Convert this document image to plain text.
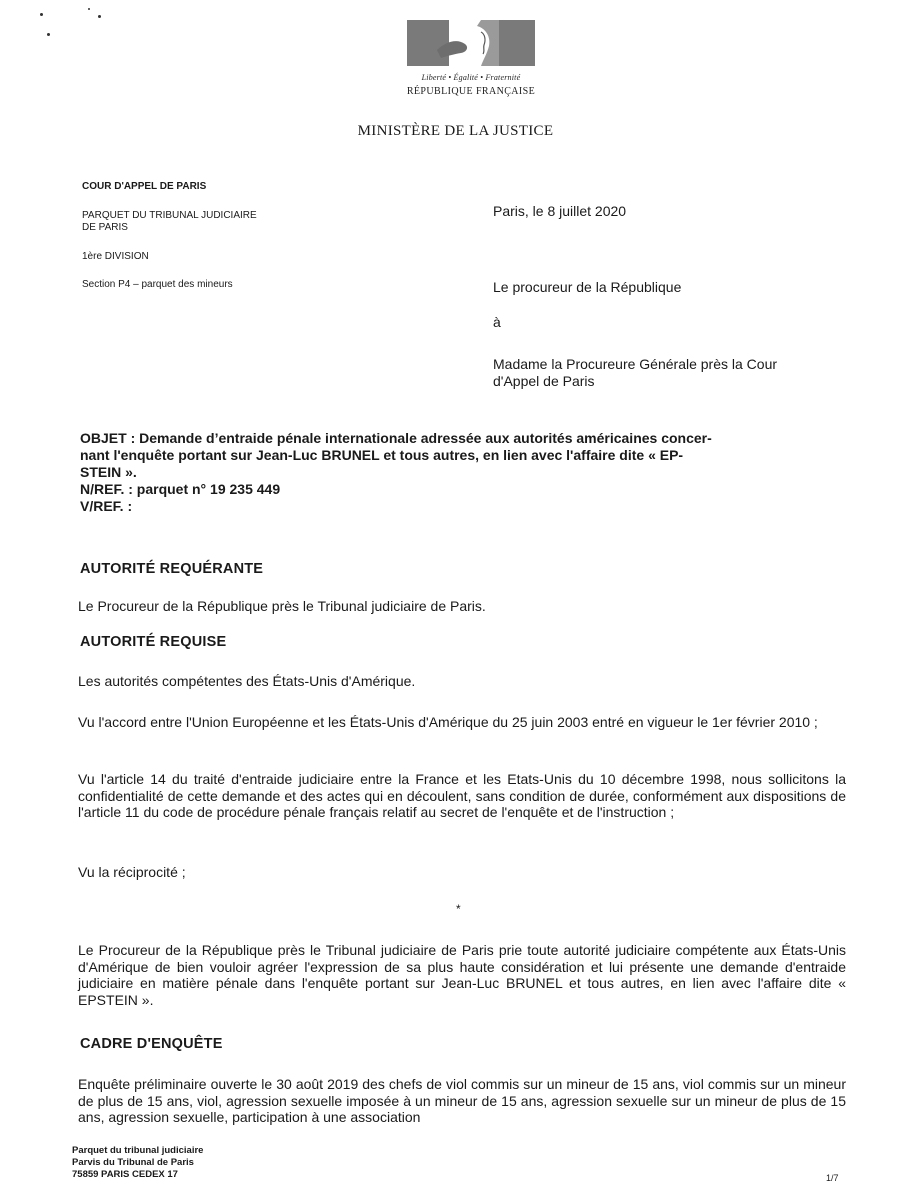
Liberté • Égalité • Fraternité
RÉPUBLIQUE FRANÇAISE
MINISTÈRE DE LA JUSTICE
COUR D'APPEL DE PARIS
PARQUET DU TRIBUNAL JUDICIAIRE
DE PARIS
1ère DIVISION
Section P4 – parquet des mineurs
Paris, le 8 juillet 2020
Le procureur de la République
à
Madame la Procureure Générale près la Cour
d'Appel de Paris
OBJET : Demande d’entraide pénale internationale adressée aux autorités américaines concer-
nant l'enquête portant sur Jean-Luc BRUNEL et tous autres, en lien avec l'affaire dite « EP-
STEIN ».
N/REF. : parquet n° 19 235 449
V/REF. :
AUTORITÉ REQUÉRANTE
Le Procureur de la République près le Tribunal judiciaire de Paris.
AUTORITÉ REQUISE
Les autorités compétentes des États-Unis d'Amérique.
Vu l'accord entre l'Union Européenne et les États-Unis d'Amérique du 25 juin 2003 entré en vigueur le 1er février 2010 ;
Vu l'article 14 du traité d'entraide judiciaire entre la France et les Etats-Unis du 10 décembre 1998, nous sollicitons la confidentialité de cette demande et des actes qui en découlent, sans condition de durée, conformément aux dispositions de l'article 11 du code de procédure pénale français relatif au secret de l'enquête et de l'instruction ;
Vu la réciprocité ;
*
Le Procureur de la République près le Tribunal judiciaire de Paris prie toute autorité judiciaire compétente aux États-Unis d'Amérique de bien vouloir agréer l'expression de sa plus haute considération et lui présente une demande d'entraide judiciaire en matière pénale dans l'enquête portant sur Jean-Luc BRUNEL et tous autres, en lien avec l'affaire dite « EPSTEIN ».
CADRE D'ENQUÊTE
Enquête préliminaire ouverte le 30 août 2019 des chefs de viol commis sur un mineur de 15 ans, viol commis sur un mineur de plus de 15 ans, viol, agression sexuelle imposée à un mineur de 15 ans, agression sexuelle sur un mineur de plus de 15 ans, agression sexuelle, participation à une association
Parquet du tribunal judiciaire
Parvis du Tribunal de Paris
75859 PARIS CEDEX 17	1/7
